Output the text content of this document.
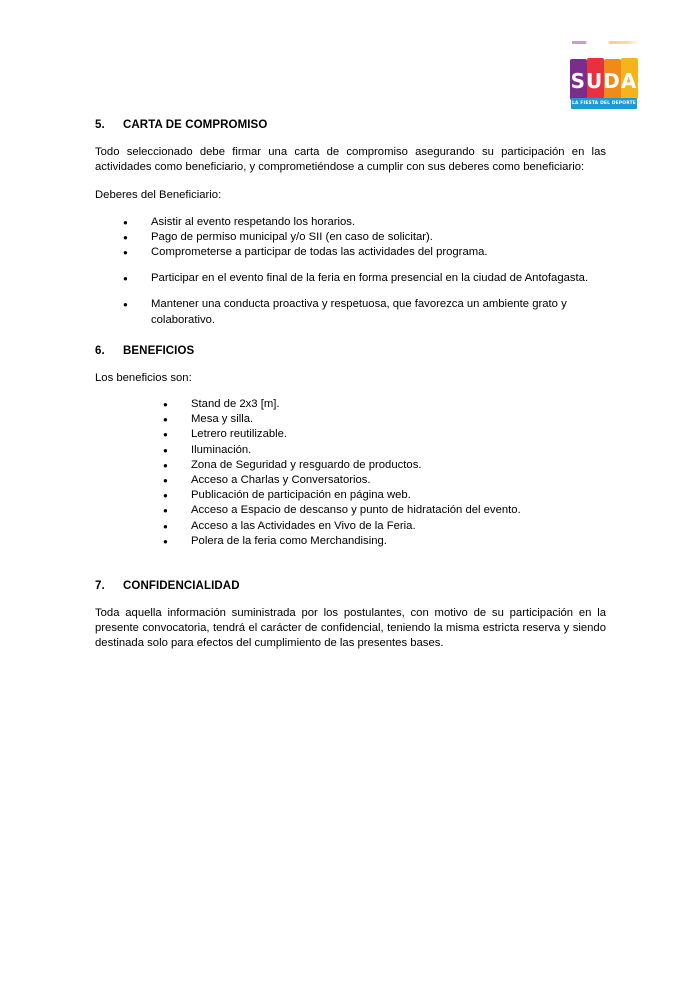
SUDA
LA FIESTA DEL DEPORTE
5. CARTA DE COMPROMISO

Todo seleccionado debe firmar una carta de compromiso asegurando su participación en las actividades como beneficiario, y comprometiéndose a cumplir con sus deberes como beneficiario:

Deberes del Beneficiario:

● Asistir al evento respetando los horarios.
● Pago de permiso municipal y/o SII (en caso de solicitar).
● Comprometerse a participar de todas las actividades del programa.
● Participar en el evento final de la feria en forma presencial en la ciudad de Antofagasta.
● Mantener una conducta proactiva y respetuosa, que favorezca un ambiente grato y colaborativo.
6. BENEFICIOS

Los beneficios son:

● Stand de 2x3 [m].
● Mesa y silla.
● Letrero reutilizable.
● Iluminación.
● Zona de Seguridad y resguardo de productos.
● Acceso a Charlas y Conversatorios.
● Publicación de participación en página web.
● Acceso a Espacio de descanso y punto de hidratación del evento.
● Acceso a las Actividades en Vivo de la Feria.
● Polera de la feria como Merchandising.
7. CONFIDENCIALIDAD

Toda aquella información suministrada por los postulantes, con motivo de su participación en la presente convocatoria, tendrá el carácter de confidencial, teniendo la misma estricta reserva y siendo destinada solo para efectos del cumplimiento de las presentes bases.
